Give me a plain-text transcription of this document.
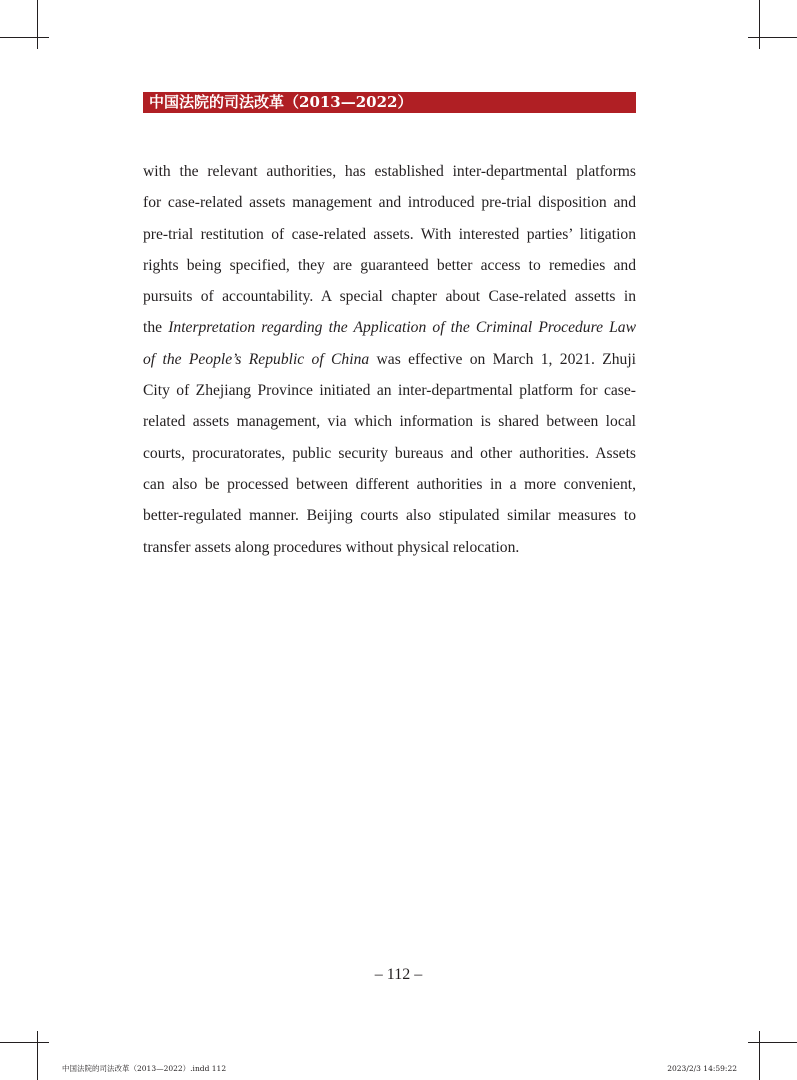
中国法院的司法改革（2013—2022）
with the relevant authorities, has established inter-departmental platforms
for case-related assets management and introduced pre-trial disposition and
pre-trial restitution of case-related assets. With interested parties’ litigation
rights being specified, they are guaranteed better access to remedies and
pursuits of accountability. A special chapter about Case-related assetts in
the Interpretation regarding the Application of the Criminal Procedure Law
of the People’s Republic of China was effective on March 1, 2021. Zhuji
City of Zhejiang Province initiated an inter-departmental platform for case-
related assets management, via which information is shared between local
courts, procuratorates, public security bureaus and other authorities. Assets
can also be processed between different authorities in a more convenient,
better-regulated manner. Beijing courts also stipulated similar measures to
transfer assets along procedures without physical relocation.
– 112 –
中国法院的司法改革（2013—2022）.indd 112	2023/2/3 14:59:22
